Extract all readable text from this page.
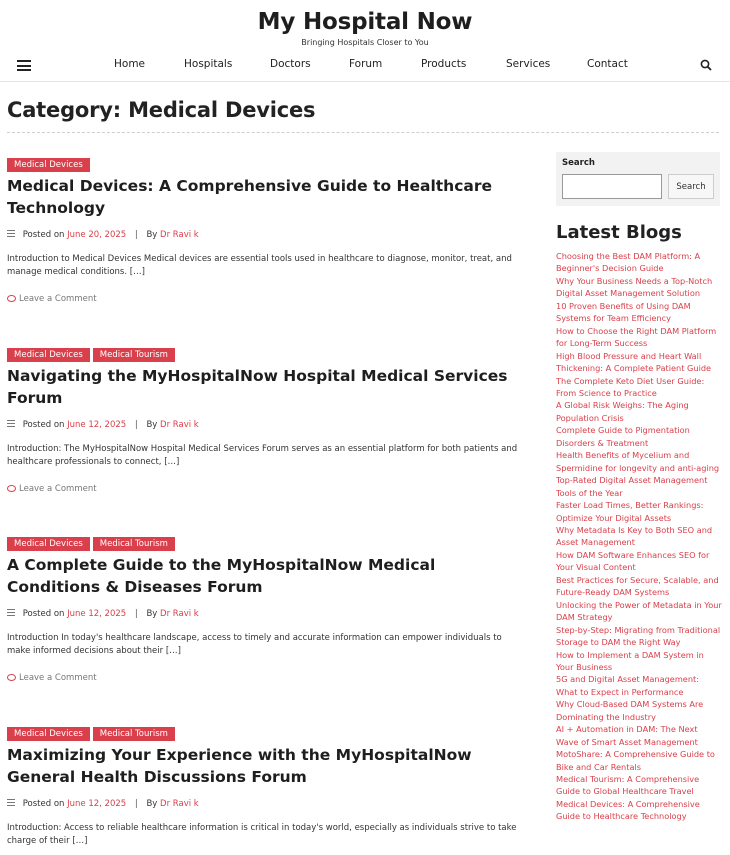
My Hospital Now
Bringing Hospitals Closer to You
Home	Hospitals	Doctors	Forum	Products	Services	Contact
Category: Medical Devices
Medical Devices
Medical Devices: A Comprehensive Guide to Healthcare Technology
Posted on June 20, 2025 | By Dr Ravi k

Introduction to Medical Devices Medical devices are essential tools used in healthcare to diagnose, monitor, treat, and manage medical conditions. […]

Leave a Comment
Medical Devices Medical Tourism
Navigating the MyHospitalNow Hospital Medical Services Forum
Posted on June 12, 2025 | By Dr Ravi k

Introduction: The MyHospitalNow Hospital Medical Services Forum serves as an essential platform for both patients and healthcare professionals to connect, […]

Leave a Comment
Medical Devices Medical Tourism
A Complete Guide to the MyHospitalNow Medical Conditions & Diseases Forum
Posted on June 12, 2025 | By Dr Ravi k

Introduction In today's healthcare landscape, access to timely and accurate information can empower individuals to make informed decisions about their […]

Leave a Comment
Medical Devices Medical Tourism
Maximizing Your Experience with the MyHospitalNow General Health Discussions Forum
Posted on June 12, 2025 | By Dr Ravi k

Introduction: Access to reliable healthcare information is critical in today's world, especially as individuals strive to take charge of their […]

Search
Search
Latest Blogs
Choosing the Best DAM Platform: A Beginner's Decision Guide
Why Your Business Needs a Top-Notch Digital Asset Management Solution
10 Proven Benefits of Using DAM Systems for Team Efficiency
How to Choose the Right DAM Platform for Long-Term Success
High Blood Pressure and Heart Wall Thickening: A Complete Patient Guide
The Complete Keto Diet User Guide: From Science to Practice
A Global Risk Weighs: The Aging Population Crisis
Complete Guide to Pigmentation Disorders & Treatment
Health Benefits of Mycelium and Spermidine for longevity and anti-aging
Top-Rated Digital Asset Management Tools of the Year
Faster Load Times, Better Rankings: Optimize Your Digital Assets
Why Metadata Is Key to Both SEO and Asset Management
How DAM Software Enhances SEO for Your Visual Content
Best Practices for Secure, Scalable, and Future-Ready DAM Systems
Unlocking the Power of Metadata in Your DAM Strategy
Step-by-Step: Migrating from Traditional Storage to DAM the Right Way
How to Implement a DAM System in Your Business
5G and Digital Asset Management: What to Expect in Performance
Why Cloud-Based DAM Systems Are Dominating the Industry
AI + Automation in DAM: The Next Wave of Smart Asset Management
MotoShare: A Comprehensive Guide to Bike and Car Rentals
Medical Tourism: A Comprehensive Guide to Global Healthcare Travel
Medical Devices: A Comprehensive Guide to Healthcare Technology
